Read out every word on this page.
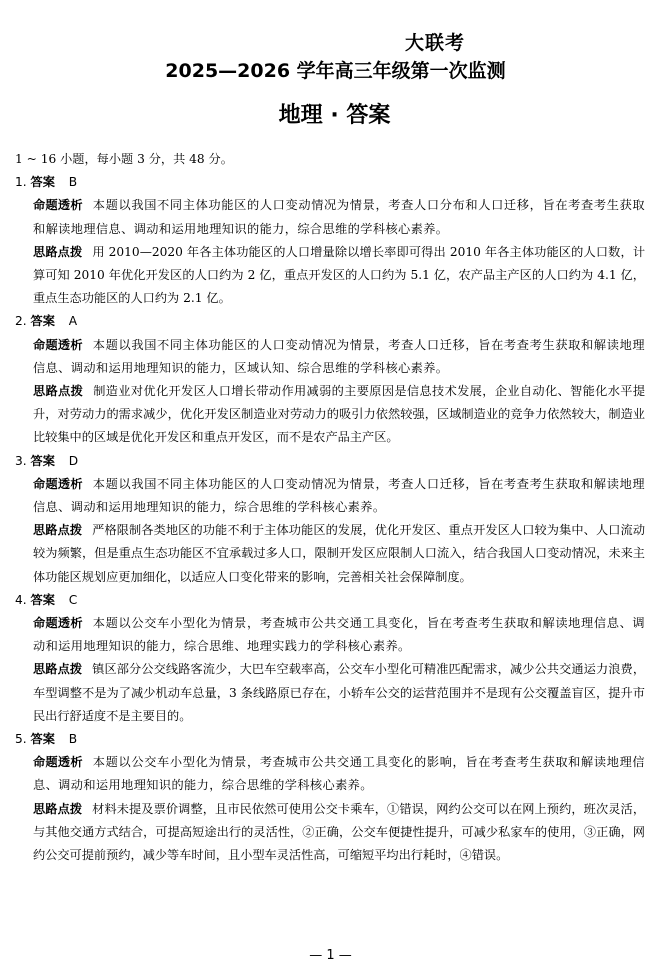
大联考
2025—2026 学年高三年级第一次监测
地理 · 答案
1 ~ 16 小题，每小题 3 分，共 48 分。
1. 答案 B
命题透析 本题以我国不同主体功能区的人口变动情况为情景，考查人口分布和人口迁移，旨在考查考生获取和解读地理信息、调动和运用地理知识的能力，综合思维的学科核心素养。
思路点拨 用 2010—2020 年各主体功能区的人口增量除以增长率即可得出 2010 年各主体功能区的人口数，计算可知 2010 年优化开发区的人口约为 2 亿，重点开发区的人口约为 5.1 亿，农产品主产区的人口约为 4.1 亿，重点生态功能区的人口约为 2.1 亿。
2. 答案 A
命题透析 本题以我国不同主体功能区的人口变动情况为情景，考查人口迁移，旨在考查考生获取和解读地理信息、调动和运用地理知识的能力，区域认知、综合思维的学科核心素养。
思路点拨 制造业对优化开发区人口增长带动作用减弱的主要原因是信息技术发展，企业自动化、智能化水平提升，对劳动力的需求减少，优化开发区制造业对劳动力的吸引力依然较强，区域制造业的竞争力依然较大，制造业比较集中的区域是优化开发区和重点开发区，而不是农产品主产区。
3. 答案 D
命题透析 本题以我国不同主体功能区的人口变动情况为情景，考查人口迁移，旨在考查考生获取和解读地理信息、调动和运用地理知识的能力，综合思维的学科核心素养。
思路点拨 严格限制各类地区的功能不利于主体功能区的发展，优化开发区、重点开发区人口较为集中、人口流动较为频繁，但是重点生态功能区不宜承载过多人口，限制开发区应限制人口流入，结合我国人口变动情况，未来主体功能区规划应更加细化，以适应人口变化带来的影响，完善相关社会保障制度。
4. 答案 C
命题透析 本题以公交车小型化为情景，考查城市公共交通工具变化，旨在考查考生获取和解读地理信息、调动和运用地理知识的能力，综合思维、地理实践力的学科核心素养。
思路点拨 镇区部分公交线路客流少，大巴车空载率高，公交车小型化可精准匹配需求，减少公共交通运力浪费，车型调整不是为了减少机动车总量，3 条线路原已存在，小轿车公交的运营范围并不是现有公交覆盖盲区，提升市民出行舒适度不是主要目的。
5. 答案 B
命题透析 本题以公交车小型化为情景，考查城市公共交通工具变化的影响，旨在考查考生获取和解读地理信息、调动和运用地理知识的能力，综合思维的学科核心素养。
思路点拨 材料未提及票价调整，且市民依然可使用公交卡乘车，①错误，网约公交可以在网上预约，班次灵活，与其他交通方式结合，可提高短途出行的灵活性，②正确，公交车便捷性提升，可减少私家车的使用，③正确，网约公交可提前预约，减少等车时间，且小型车灵活性高，可缩短平均出行耗时，④错误。
— 1 —
